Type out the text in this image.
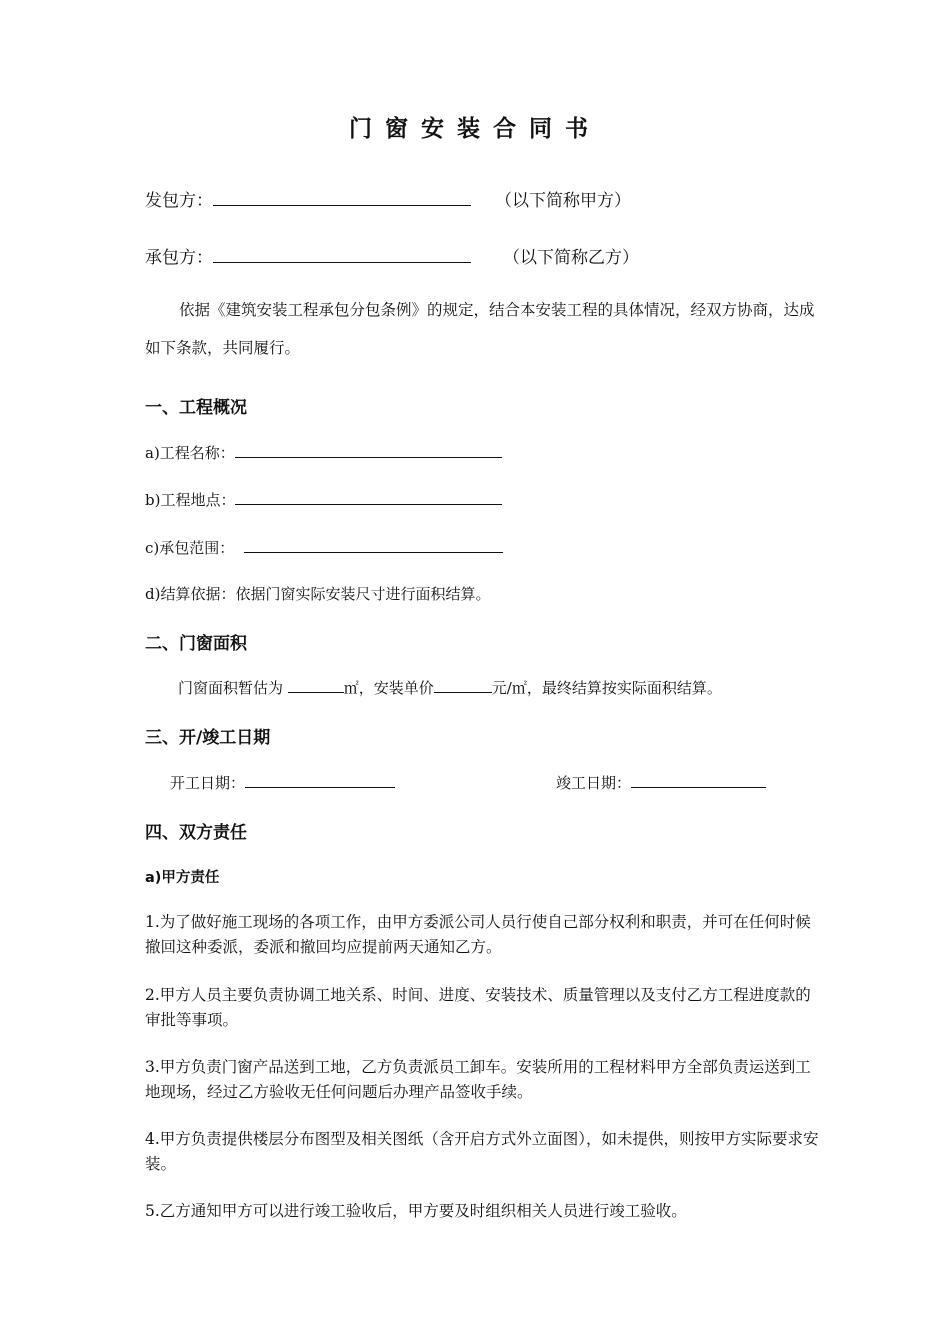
门窗安装合同书
发包方：	（以下简称甲方）
承包方：	（以下简称乙方）
依据《建筑安装工程承包分包条例》的规定，结合本安装工程的具体情况，经双方协商，达成如下条款，共同履行。
一、工程概况
a)工程名称：
b)工程地点：
c)承包范围：
d)结算依据：依据门窗实际安装尺寸进行面积结算。
二、门窗面积
门窗面积暂估为	㎡，安装单价	元/㎡，最终结算按实际面积结算。
三、开/竣工日期
开工日期：	竣工日期：
四、双方责任
a)甲方责任
1.为了做好施工现场的各项工作，由甲方委派公司人员行使自己部分权利和职责，并可在任何时候撤回这种委派，委派和撤回均应提前两天通知乙方。
2.甲方人员主要负责协调工地关系、时间、进度、安装技术、质量管理以及支付乙方工程进度款的审批等事项。
3.甲方负责门窗产品送到工地，乙方负责派员工卸车。安装所用的工程材料甲方全部负责运送到工地现场，经过乙方验收无任何问题后办理产品签收手续。
4.甲方负责提供楼层分布图型及相关图纸（含开启方式外立面图），如未提供，则按甲方实际要求安装。
5.乙方通知甲方可以进行竣工验收后，甲方要及时组织相关人员进行竣工验收。
